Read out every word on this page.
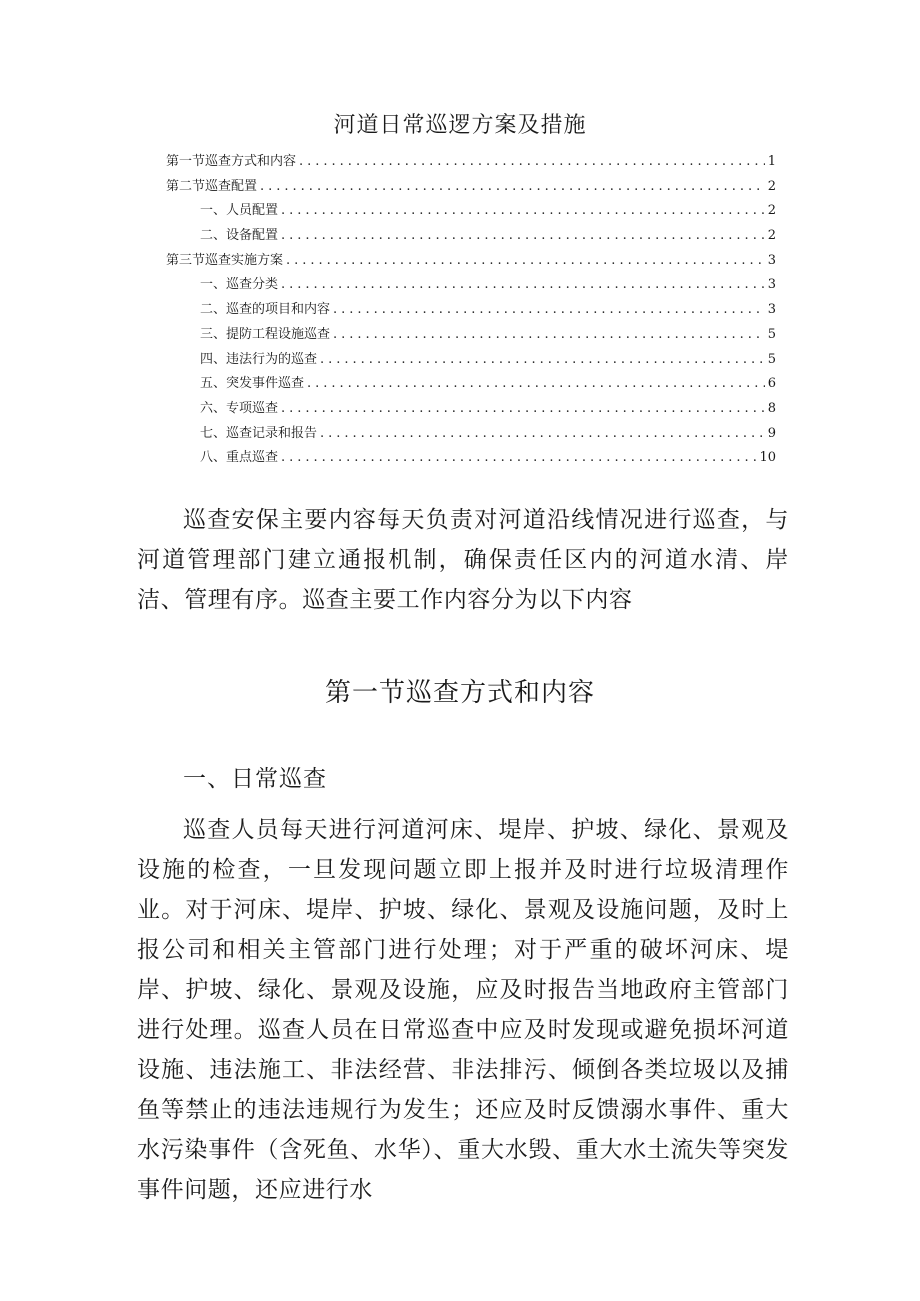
河道日常巡逻方案及措施
第一节巡查方式和内容 .....	1
第二节巡查配置 .....	2
一、人员配置 .....	2
二、设备配置 .....	2
第三节巡查实施方案 .....	3
一、巡查分类 .....	3
二、巡查的项目和内容 .....	3
三、提防工程设施巡查 .....	5
四、违法行为的巡查 .....	5
五、突发事件巡查 .....	6
六、专项巡查 .....	8
七、巡查记录和报告 .....	9
八、重点巡查 .....	10

巡查安保主要内容每天负责对河道沿线情况进行巡查，与河道管理部门建立通报机制，确保责任区内的河道水清、岸洁、管理有序。巡查主要工作内容分为以下内容

第一节巡查方式和内容
一、日常巡查

巡查人员每天进行河道河床、堤岸、护坡、绿化、景观及设施的检查，一旦发现问题立即上报并及时进行垃圾清理作业。对于河床、堤岸、护坡、绿化、景观及设施问题，及时上报公司和相关主管部门进行处理；对于严重的破坏河床、堤岸、护坡、绿化、景观及设施，应及时报告当地政府主管部门进行处理。巡查人员在日常巡查中应及时发现或避免损坏河道设施、违法施工、非法经营、非法排污、倾倒各类垃圾以及捕鱼等禁止的违法违规行为发生；还应及时反馈溺水事件、重大水污染事件（含死鱼、水华）、重大水毁、重大水土流失等突发事件问题，还应进行水
